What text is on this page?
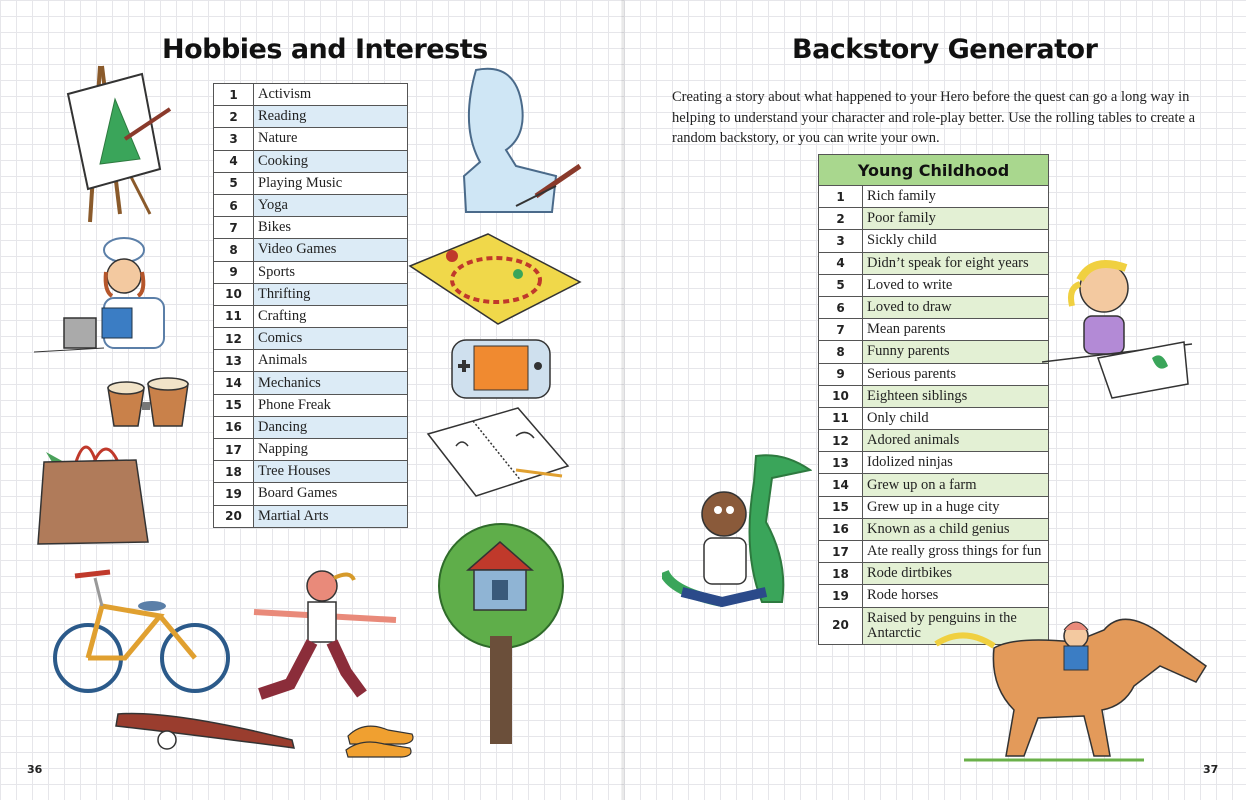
Hobbies and Interests
1	Activism
2	Reading
3	Nature
4	Cooking
5	Playing Music
6	Yoga
7	Bikes
8	Video Games
9	Sports
10	Thrifting
11	Crafting
12	Comics
13	Animals
14	Mechanics
15	Phone Freak
16	Dancing
17	Napping
18	Tree Houses
19	Board Games
20	Martial Arts
36
Backstory Generator

Creating a story about what happened to your Hero before the quest can go a long way in helping to understand your character and role-play better. Use the rolling tables to create a random backstory, or you can write your own.

Young Childhood	
1	Rich family
2	Poor family
3	Sickly child
4	Didn’t speak for eight years
5	Loved to write
6	Loved to draw
7	Mean parents
8	Funny parents
9	Serious parents
10	Eighteen siblings
11	Only child
12	Adored animals
13	Idolized ninjas
14	Grew up on a farm
15	Grew up in a huge city
16	Known as a child genius
17	Ate really gross things for fun
18	Rode dirtbikes
19	Rode horses
20	Raised by penguins in the Antarctic
37
